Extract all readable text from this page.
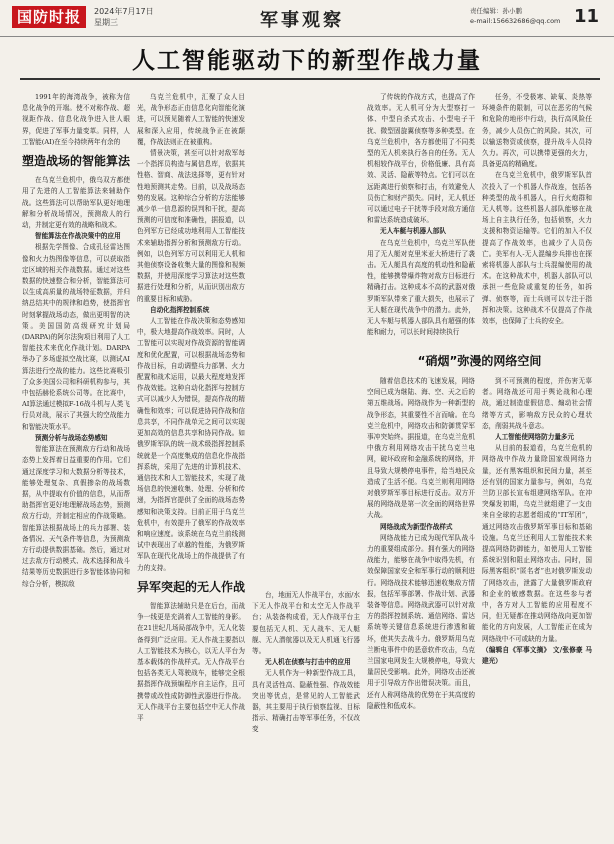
国防时报	2024年7月17日
星期三	军事观察	责任编辑：孙小鹏
e-mail:156632686@qq.com 11
人工智能驱动下的新型作战力量

1991年的海湾战争，被称为信息化战争的开端。使不对称作战、超视距作战、信息化战争进入世人眼界，促进了军事力量变革。同样，人工智能(AI)在至今持续两年有余的

塑造战场的智能算法

在乌克兰危机中，俄乌双方都使用了先进的人工智能算法来辅助作战。这些算法可以帮助军队更好地理解和分析战场情况，预测敌人的行动，并制定更有效的战略和战术。

智能算法在作战决策中的应用

根据先学图像、合成孔径雷达图像和火力热图像等信息，可以获取指定区域的相关作战数据。通过对这些数据的快速整合和分析，智能算法可以生成高质量的战场特征数据，并归纳总结其中的规律和趋势，使指挥官时刻掌握战场动态，做出更明智的决策。美国国防高级研究计划局(DARPA)的阿尔法狗项目利用了人工智能技术来优化作战计划。DARPA举办了多场虚拟空战比赛，以测试AI算法进行空战的能力。这些比赛吸引了众多美国公司和科研机构参与，其中包括赫伦系统公司等。在比赛中，AI算法通过模拟F-16战斗机与人类飞行员对战，展示了其强大的空战能力和智能决策水平。

预测分析与战场态势感知

智能算法在预测敌方行动和战场态势上发挥着日益重要的作用。它们通过深度学习和大数据分析等技术，能够处理复杂、真假掺杂的战场数据，从中提取有价值的信息，从而帮助指挥官更好地理解战场态势，预测敌方行动，并制定相应的作战策略。智能算法根据战场上的兵力部署、装备情况、天气条件等信息，为预测敌方行动提供数据基础。然后，通过对过去敌方行动模式、战术选择和战斗结果等历史数据进行多智能体协同和综合分析，模拟敌

乌克兰危机中，汇聚了众人目光，战争形态正由信息化向智能化演进，可以预见随着人工智能的快速发展和深入应用，传统战争正在被颠覆，作战法则正在被重构。

情景决策，甚至可以针对敌军每一个指挥员构造与属信息库，依据其性格、智商、战法选择等，更有针对性地预测其走势。目前，以及战场态势的发展。这种综合分析的方法能够减少单一信息源的误判和干扰，提高预测的可信度和准确性，据报道，以色列军方已经成功地利用人工智能技术来辅助指挥分析和预测敌方行动。例如，以色列军方可以利用无人机和其他侦察设备收集大量的图像和视频数据，并使用深度学习算法对这些数据进行处理和分析，从而识别出敌方的重要目标和威胁。

自动化指挥控制系统

人工智能在作战决策和态势感知中，极大地提高作战效率。同时，人工智能可以实现对作战资源的智能调度和优化配置，可以根据战场态势和作战目标，自动调整兵力部署、火力配置和战术运用，以最大程度地发挥作战效能。这种自动化指挥与控制方式可以减少人为错误，提高作战的精确性和效率；可以促进协同作战和信息共享，不同作战单元之间可以实现更加高效的信息共享和协同作战。如俄罗斯军队的统一战术级指挥控制系统就是一个高度集成的信息化作战指挥系统，采用了先进的计算机技术、通信技术和人工智能技术，实现了战场信息的快速收集、处理、分析和传递，为指挥官提供了全面的战场态势感知和决策支持。目前正用于乌克兰危机中，有效提升了俄军的作战效率和响应速度。该系统在乌克兰前线测试中表现出了卓越的性能，为俄罗斯军队在现代化战场上的作战提供了有力的支持。

异军突起的无人作战

智能算法辅助只是在后台，而战争一线更是充满着人工智能的身影。在21世纪几场局部战争中，无人化装备得到广泛应用。无人作战主要指以人工智能技术为核心，以无人平台为基本载体的作战样式。无人作战平台包括各类无人驾驶战车，能够完全根据指挥作战预编程序自主运作，且可携带或改性成防御性武器进行作战。无人作战平台主要包括空中无人作战平

台，地面无人作战平台，水面/水下无人作战平台和太空无人作战平台；从装备构成看，无人作战平台主要包括无人机、无人战车、无人艇舰、无人潜航器以及无人机通飞行器等。

无人机在侦察与打击中的应用

无人机作为一种新型作战工具，具有灵活性高、隐蔽性强、作战效能突出等优点，是常见的人工智能武器，其主要用于执行侦察监视、目标指示、精确打击等军事任务，不仅改变

了传统的作战方式，也提高了作战效率。无人机可分为大型察打一体、中型自杀式攻击、小型电子干扰、微型固旋翼侦察等多种类型。在乌克兰危机中，各方都使用了不同类型的无人机来执行各自的任务。无人机相较作战平台，价格低廉、具有高效、灵活、隐蔽等特点。它们可以在远距离进行侦察和打击，有效避免人员伤亡和财产损失。同时，无人机还可以通过电子干扰等手段对敌方通信和雷达系统造成破坏。

无人车艇与机器人部队

在乌克兰危机中，乌克兰军队使用了无人艇对克里米亚大桥进行了袭击。无人艇具有高度的机动性和隐蔽性，能够携带爆炸物对敌方目标进行精确打击。这种成本不高的武器对俄罗斯军队带来了重大损失，也展示了无人艇在现代战争中的潜力。此外，无人车艇与机器人部队具有超强的体能和耐力，可以长时间持续执行

任务，不受极寒、缺氧、炎热等环境条件的限制，可以在恶劣的气候和危险的地形中行动，执行高风险任务，减少人员伤亡的风险。其次，可以输送物资或侦察，提升战斗人员持久力。再次，可以携带更强的火力，具备更高的精确度。

在乌克兰危机中，俄罗斯军队首次投入了一个机器人作战连，包括各种类型的战斗机器人，自行火炮群和无人机等。这些机器人部队能够在战场上自主执行任务，包括侦察，火力支援和物资运输等。它们的加入不仅提高了作战效率，也减少了人员伤亡。美军有人-无人混编步兵排也在探索将机器人部队与士兵混编使用的战术。在这种战术中，机器人部队可以承担一些危险或重复的任务，如拆弹、侦察等，而士兵则可以专注于指挥和决策。这种战术不仅提高了作战效率，也保障了士兵的安全。

“硝烟”弥漫的网络空间

随着信息技术的飞速发展，网络空间已成为继陆、海、空、天之后的第五维战场。网络战作为一种新型的战争形态，其重要性不言而喻。在乌克兰危机中，网络攻击和防御贯穿军事冲突始终。据报道，在乌克兰危机中俄方利用网络攻击干扰乌克兰电网，破坏政府和金融系统的网络，并且导致大规模停电事件，给当地民众造成了生活不便。乌克兰则利用网络对俄罗斯军事目标进行反击。双方开展的网络战是第一次全面的网络世界大战。

网络战成为新型作战样式

网络战能力已成为现代军队战斗力的重要组成部分。拥有强大的网络战能力，能够在战争中取得先机，有效保障国家安全和军事行动的顺利进行。网络战技术能够迅速收集敌方情报，包括军事部署、作战计划、武器装备等信息。网络战武器可以针对敌方的指挥控制系统、通信网络、雷达系统等关键信息系统进行渗透和破坏，使其失去战斗力。俄罗斯用乌克兰断电事件中的恶意软件攻击，乌克兰国家电网发生大规模停电，导致大量居民受影响。此外，网络攻击还被用于引导敌方作出错误决策。而且，还有人称网络战的优势在于其高度的隐蔽性和低成本。

到不可预测的程度，并伤害无辜者。网络战还可用于舆论战和心理战，通过制造虚假信息、煽动社会情绪等方式，影响敌方民众的心理状态，削弱其战斗意志。

人工智能使网络防力量多元

从目前的报道看，乌克兰危机的网络战中作战力量除国家级网络力量，还有黑客组织和民间力量，甚至还有别的国家力量参与，例如，乌克兰防卫部长宣布组建网络军队。在冲突爆发初期，乌克兰就组建了一支由来自全球的志愿者组成的“IT军团”，通过网络攻击俄罗斯军事目标和基础设施。乌克兰还利用人工智能技术来提高网络防御能力，如使用人工智能系统识别和阻止网络攻击。同时，国际黑客组织“匿名者”也对俄罗斯发动了网络攻击，泄露了大量俄罗斯政府和企业的敏感数据。在这些参与者中，各方对人工智能的应用程度不同，但无疑都在推动网络战向更加智能化的方向发展，人工智能正在成为网络战中不可或缺的力量。

（编辑自《军事文摘》 文/张修豪 马建光）
